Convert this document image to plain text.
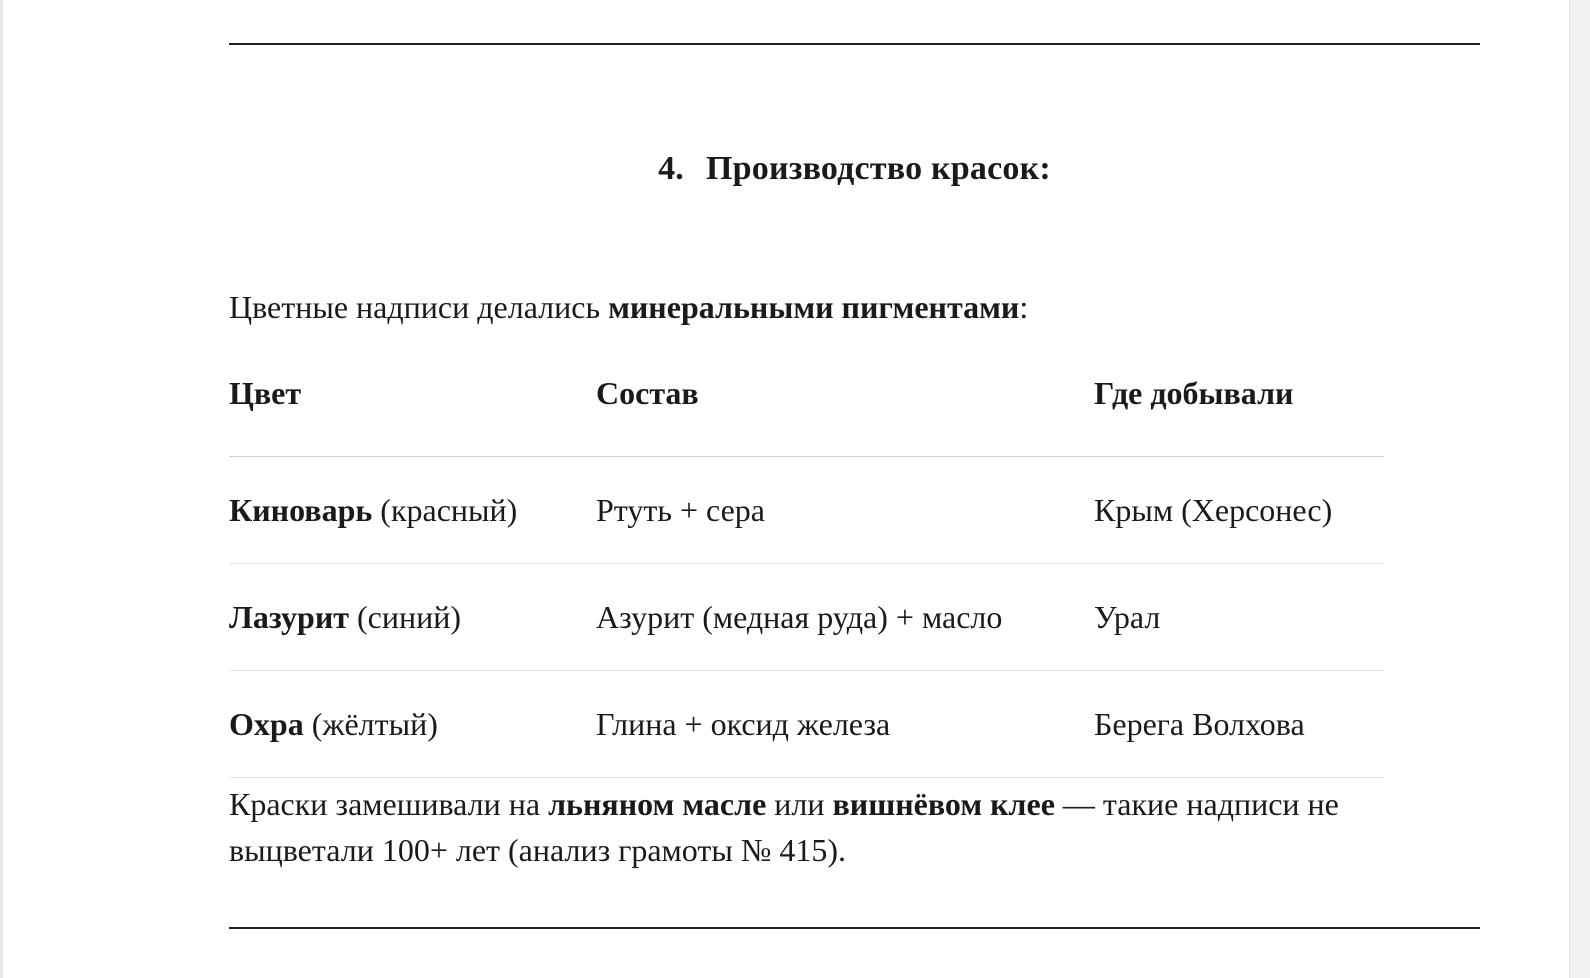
4. Производство красок:
Цветные надписи делались минеральными пигментами:
Цвет	Состав	Где добывали
Киноварь (красный)	Ртуть + сера	Крым (Херсонес)
Лазурит (синий)	Азурит (медная руда) + масло	Урал
Охра (жёлтый)	Глина + оксид железа	Берега Волхова
Краски замешивали на льняном масле или вишнёвом клее — такие надписи не выцветали 100+ лет (анализ грамоты № 415).
